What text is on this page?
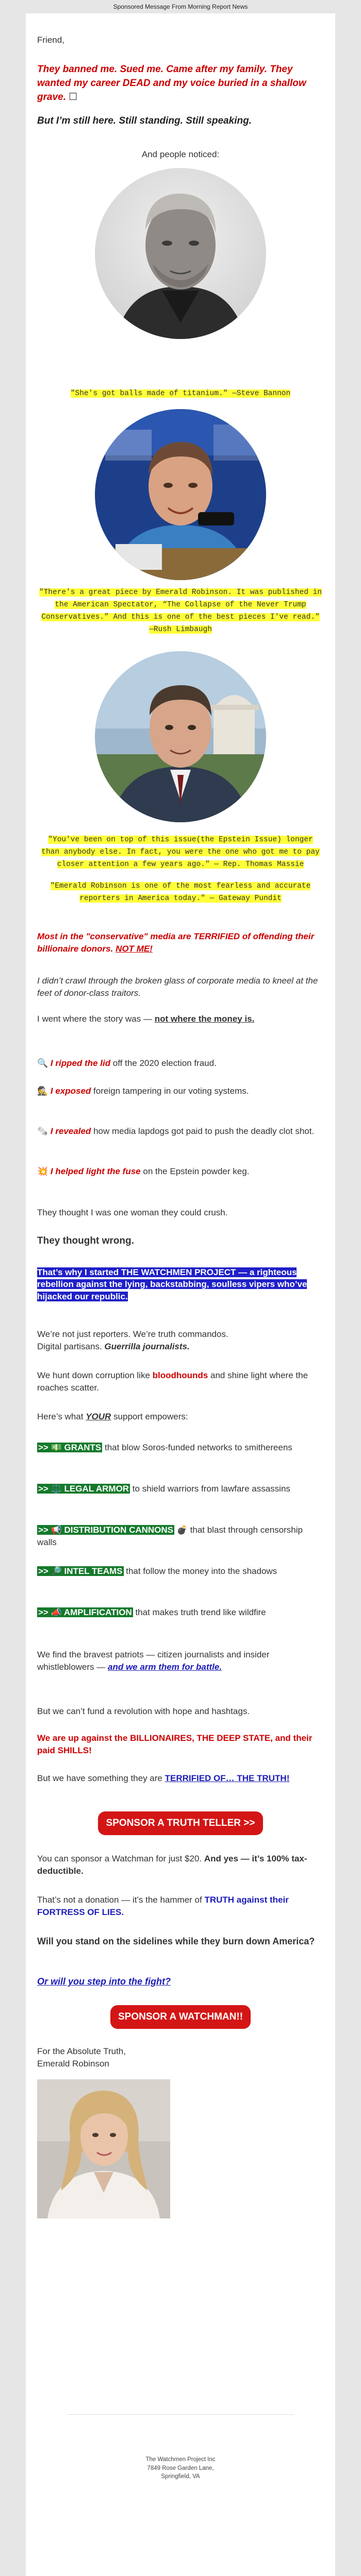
Sponsored Message From Morning Report News

Friend,

They banned me. Sued me. Came after my family. They wanted my career DEAD and my voice buried in a shallow grave. ☐

But I’m still here. Still standing. Still speaking.

And people noticed:

"She's got balls made of titanium." —Steve Bannon

"There's a great piece by Emerald Robinson. It was published in the American Spectator, “The Collapse of the Never Trump Conservatives.” And this is one of the best pieces I've read." —Rush Limbaugh

"You've been on top of this issue(the Epstein Issue) longer than anybody else. In fact, you were the one who got me to pay closer attention a few years ago." — Rep. Thomas Massie

"Emerald Robinson is one of the most fearless and accurate reporters in America today." — Gateway Pundit

Most in the "conservative" media are TERRIFIED of offending their billionaire donors. NOT ME!

I didn’t crawl through the broken glass of corporate media to kneel at the feet of donor-class traitors.

I went where the story was — not where the money is.

🔍 I ripped the lid off the 2020 election fraud.

🕵️ I exposed foreign tampering in our voting systems.

🗞️ I revealed how media lapdogs got paid to push the deadly clot shot.

💥 I helped light the fuse on the Epstein powder keg.

They thought I was one woman they could crush.

They thought wrong.

That’s why I started THE WATCHMEN PROJECT — a righteous rebellion against the lying, backstabbing, soulless vipers who’ve hijacked our republic.

We’re not just reporters. We’re truth commandos.
Digital partisans. Guerrilla journalists.

We hunt down corruption like bloodhounds and shine light where the roaches scatter.

Here’s what YOUR support empowers:

>> 💵 GRANTS that blow Soros-funded networks to smithereens

>> ⚖️ LEGAL ARMOR to shield warriors from lawfare assassins

>> 📢 DISTRIBUTION CANNONS 💣 that blast through censorship walls

>> 🔎 INTEL TEAMS that follow the money into the shadows

>> 📣 AMPLIFICATION that makes truth trend like wildfire

We find the bravest patriots — citizen journalists and insider whistleblowers — and we arm them for battle.

But we can’t fund a revolution with hope and hashtags.

We are up against the BILLIONAIRES, THE DEEP STATE, and their paid SHILLS!

But we have something they are TERRIFIED OF… THE TRUTH!

SPONSOR A TRUTH TELLER >>

You can sponsor a Watchman for just $20. And yes — it’s 100% tax-deductible.

That’s not a donation — it’s the hammer of TRUTH against their FORTRESS OF LIES.

Will you stand on the sidelines while they burn down America?

Or will you step into the fight?

SPONSOR A WATCHMAN!!

For the Absolute Truth,
Emerald Robinson

The Watchmen Project Inc
7849 Rose Garden Lane,
Springfield, VA
